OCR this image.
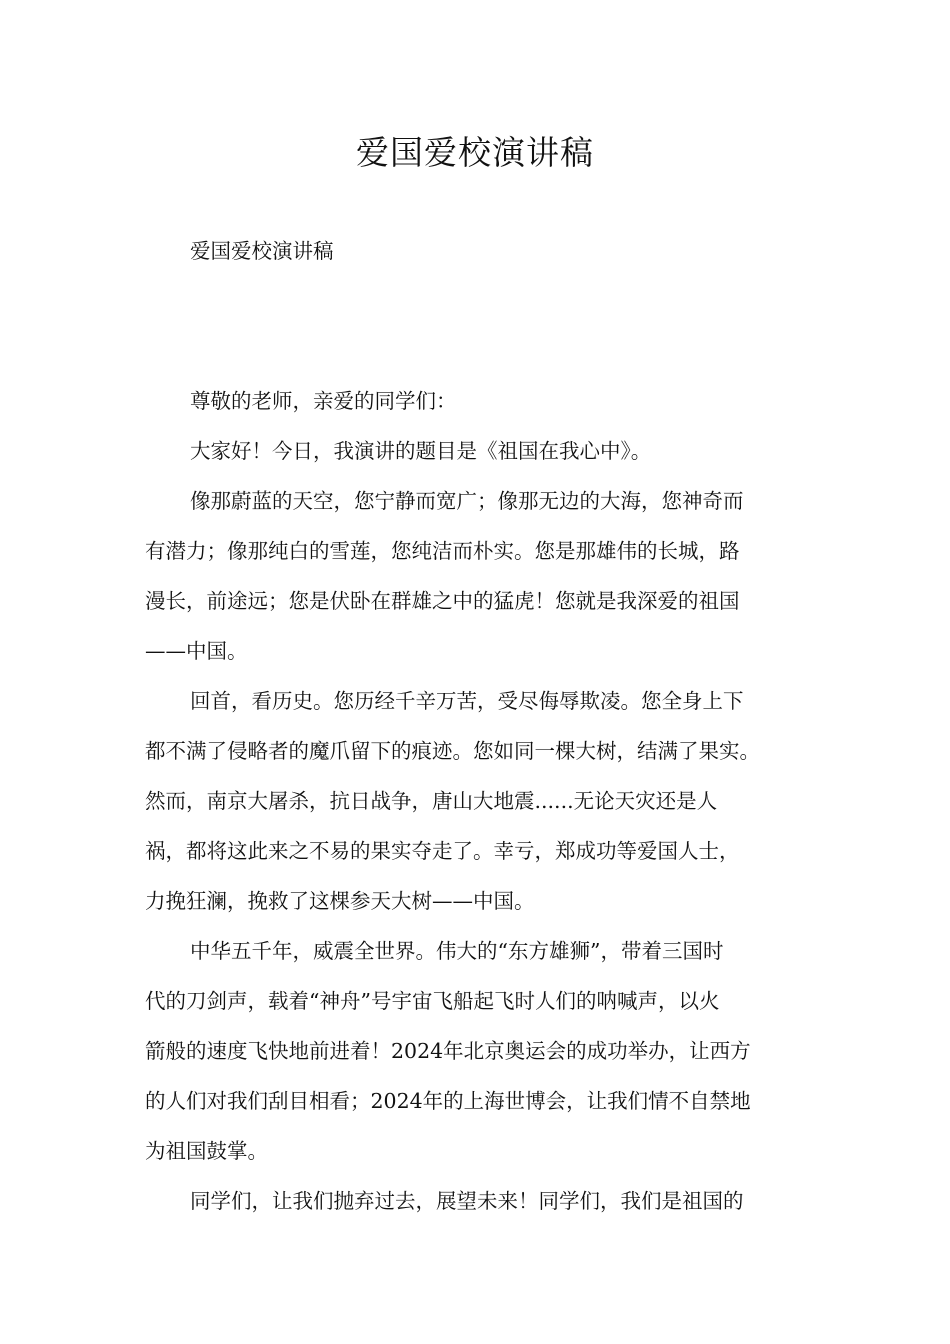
爱国爱校演讲稿

爱国爱校演讲稿

尊敬的老师，亲爱的同学们：

大家好！今日，我演讲的题目是《祖国在我心中》。

像那蔚蓝的天空，您宁静而宽广；像那无边的大海，您神奇而
有潜力；像那纯白的雪莲，您纯洁而朴实。您是那雄伟的长城，路
漫长，前途远；您是伏卧在群雄之中的猛虎！您就是我深爱的祖国
——中国。

回首，看历史。您历经千辛万苦，受尽侮辱欺凌。您全身上下
都不满了侵略者的魔爪留下的痕迹。您如同一棵大树，结满了果实。
然而，南京大屠杀，抗日战争，唐山大地震......无论天灾还是人
祸，都将这此来之不易的果实夺走了。幸亏，郑成功等爱国人士，
力挽狂澜，挽救了这棵参天大树——中国。

中华五千年，威震全世界。伟大的“东方雄狮”，带着三国时
代的刀剑声，载着“神舟”号宇宙飞船起飞时人们的呐喊声，以火
箭般的速度飞快地前进着！2024年北京奥运会的成功举办，让西方
的人们对我们刮目相看；2024年的上海世博会，让我们情不自禁地
为祖国鼓掌。

同学们，让我们抛弃过去，展望未来！同学们，我们是祖国的
